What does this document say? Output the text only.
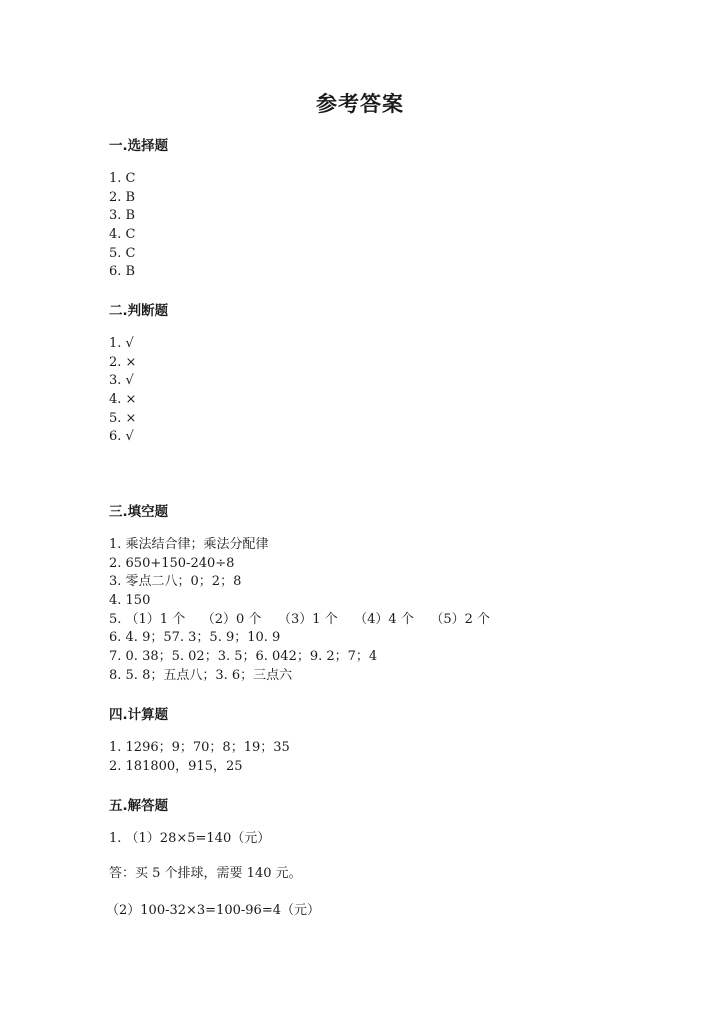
参考答案
一.选择题
1. C
2. B
3. B
4. C
5. C
6. B
二.判断题
1. √
2. ×
3. √
4. ×
5. ×
6. √
三.填空题
1. 乘法结合律；乘法分配律
2. 650+150-240÷8
3. 零点二八；0；2；8
4. 150
5. （1）1 个    （2）0 个    （3）1 个    （4）4 个    （5）2 个
6. 4. 9；57. 3；5. 9；10. 9
7. 0. 38；5. 02；3. 5；6. 042；9. 2；7；4
8. 5. 8；五点八；3. 6；三点六
四.计算题
1. 1296；9；70；8；19；35
2. 181800，915，25
五.解答题
1. （1）28×5=140（元）
答：买 5 个排球，需要 140 元。
（2）100-32×3=100-96=4（元）
